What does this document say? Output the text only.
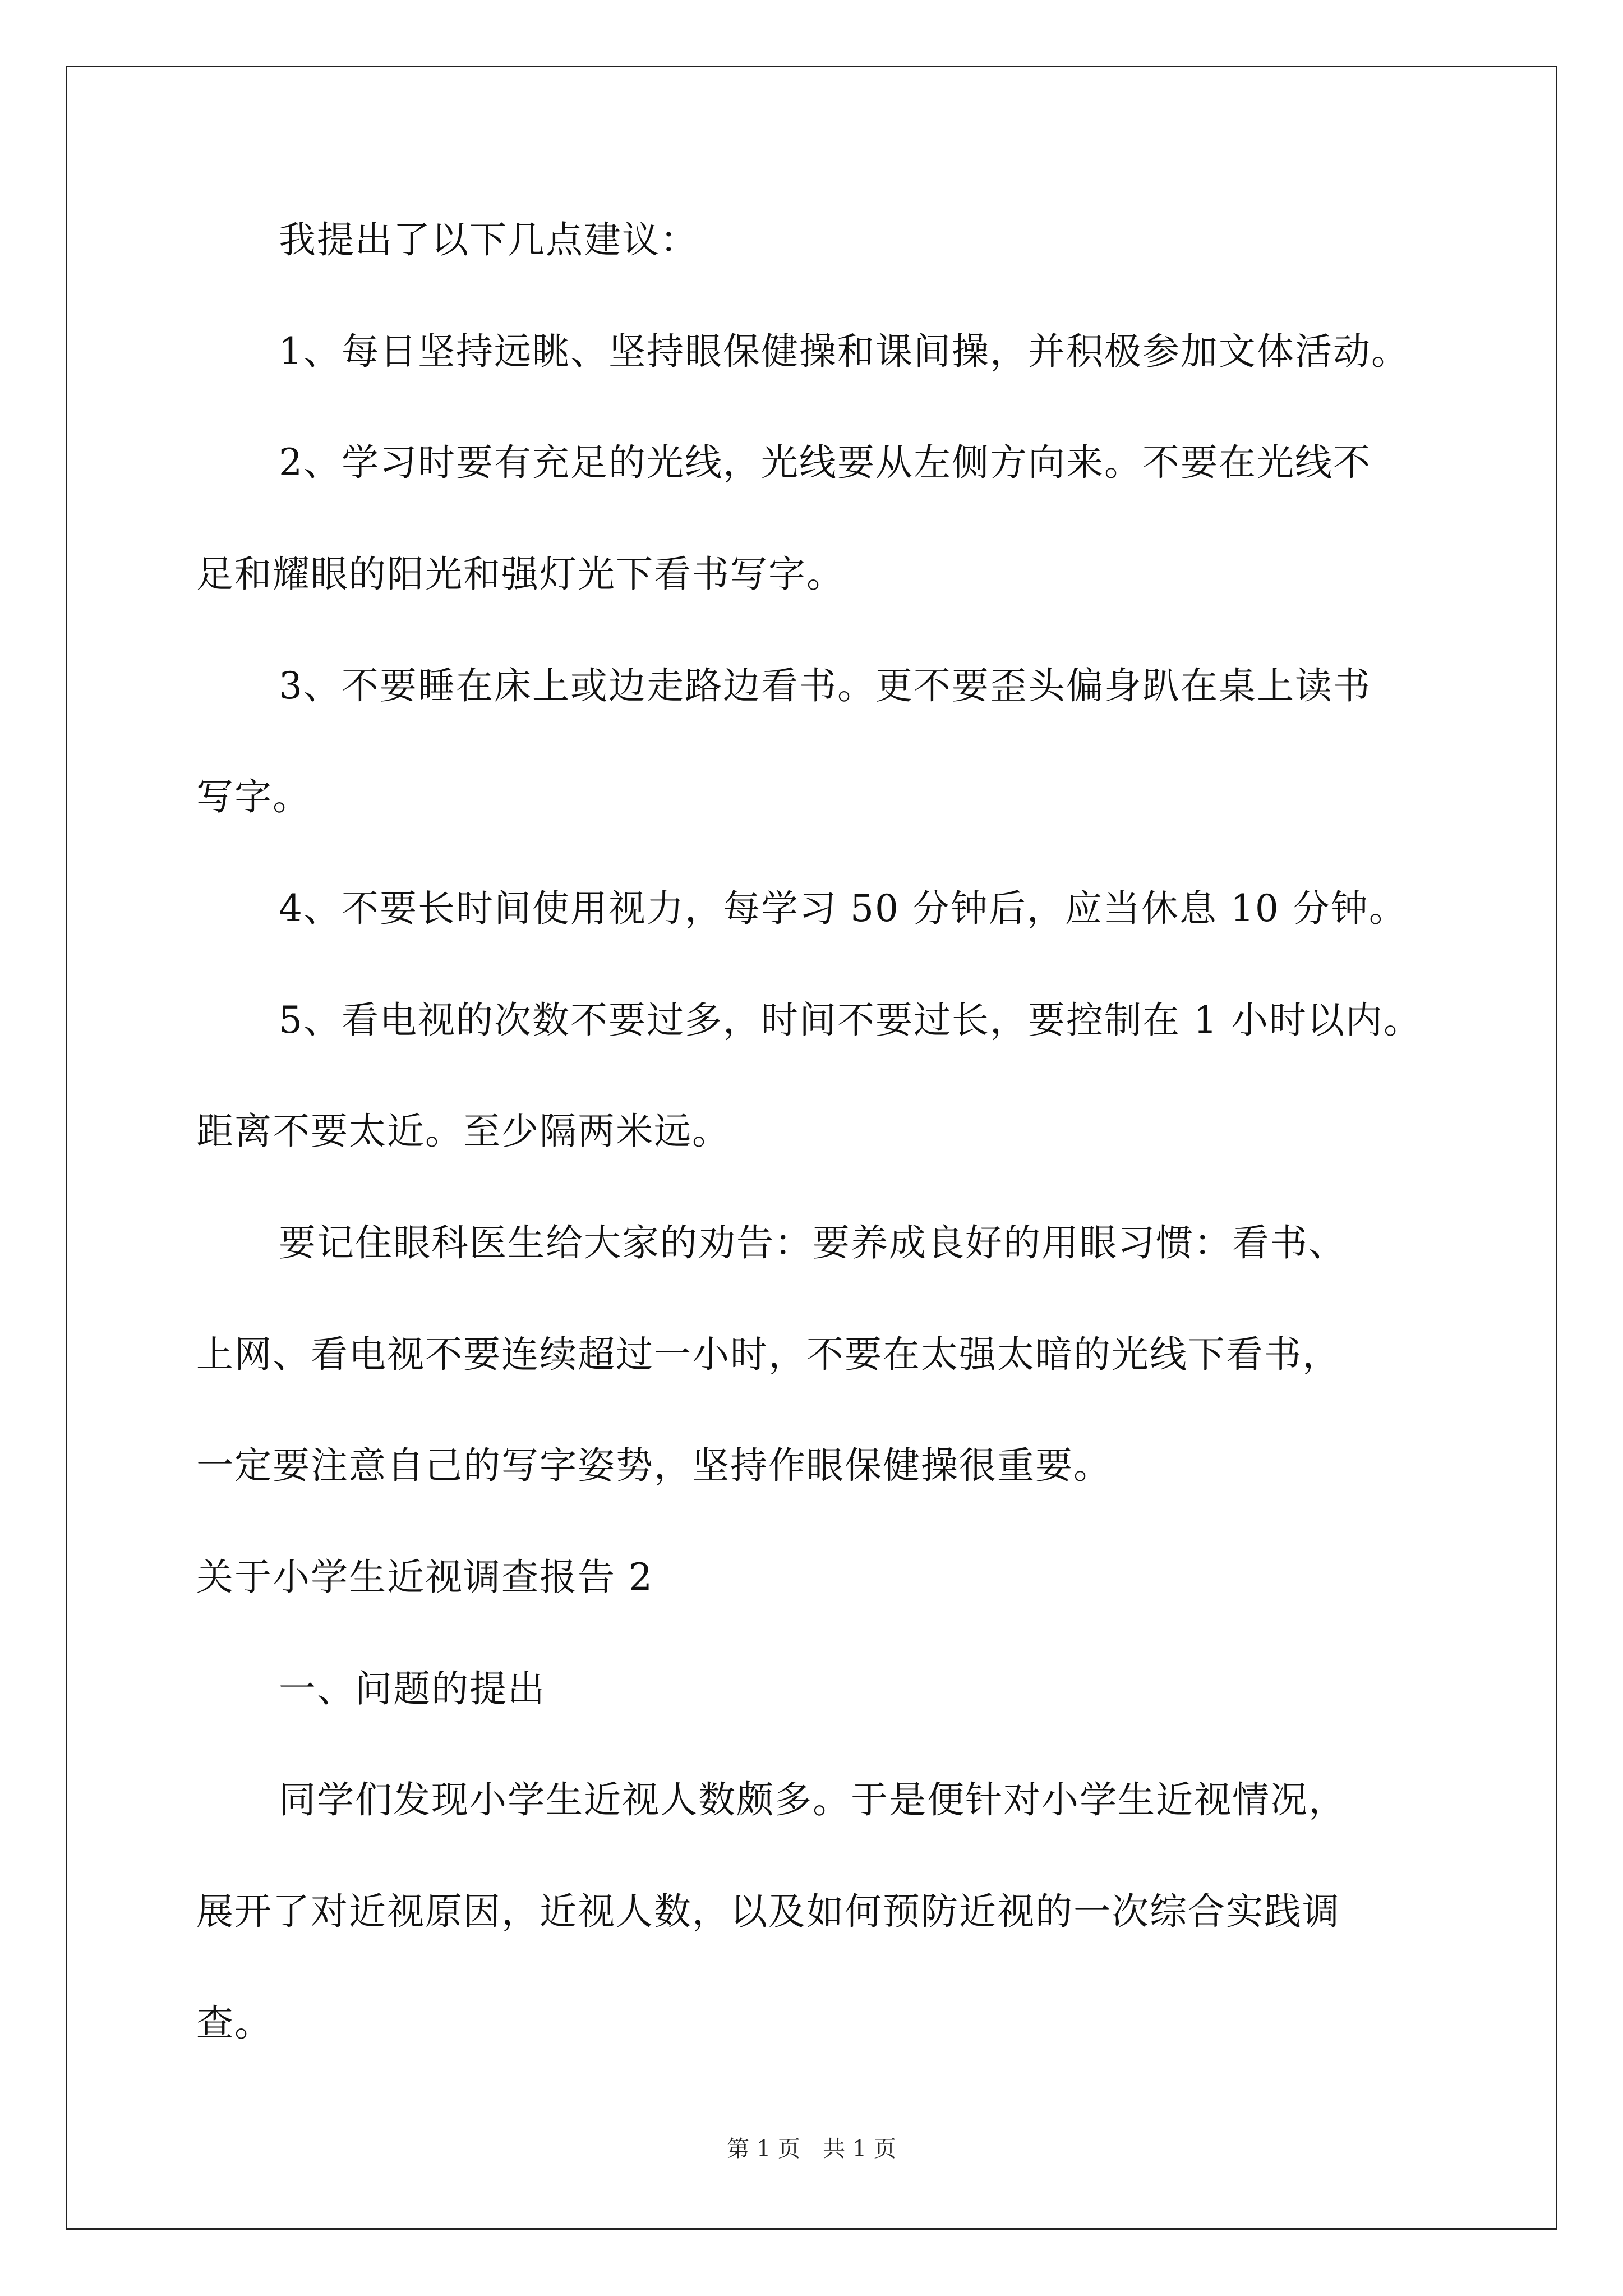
我提出了以下几点建议：
1、每日坚持远眺、坚持眼保健操和课间操，并积极参加文体活动。
2、学习时要有充足的光线，光线要从左侧方向来。不要在光线不
足和耀眼的阳光和强灯光下看书写字。
3、不要睡在床上或边走路边看书。更不要歪头偏身趴在桌上读书
写字。
4、不要长时间使用视力，每学习 50 分钟后，应当休息 10 分钟。
5、看电视的次数不要过多，时间不要过长，要控制在 1 小时以内。
距离不要太近。至少隔两米远。
要记住眼科医生给大家的劝告：要养成良好的用眼习惯：看书、
上网、看电视不要连续超过一小时，不要在太强太暗的光线下看书，
一定要注意自己的写字姿势，坚持作眼保健操很重要。
关于小学生近视调查报告 2
一、问题的提出
同学们发现小学生近视人数颇多。于是便针对小学生近视情况，
展开了对近视原因，近视人数，以及如何预防近视的一次综合实践调
查。
第 1 页　共 1 页
